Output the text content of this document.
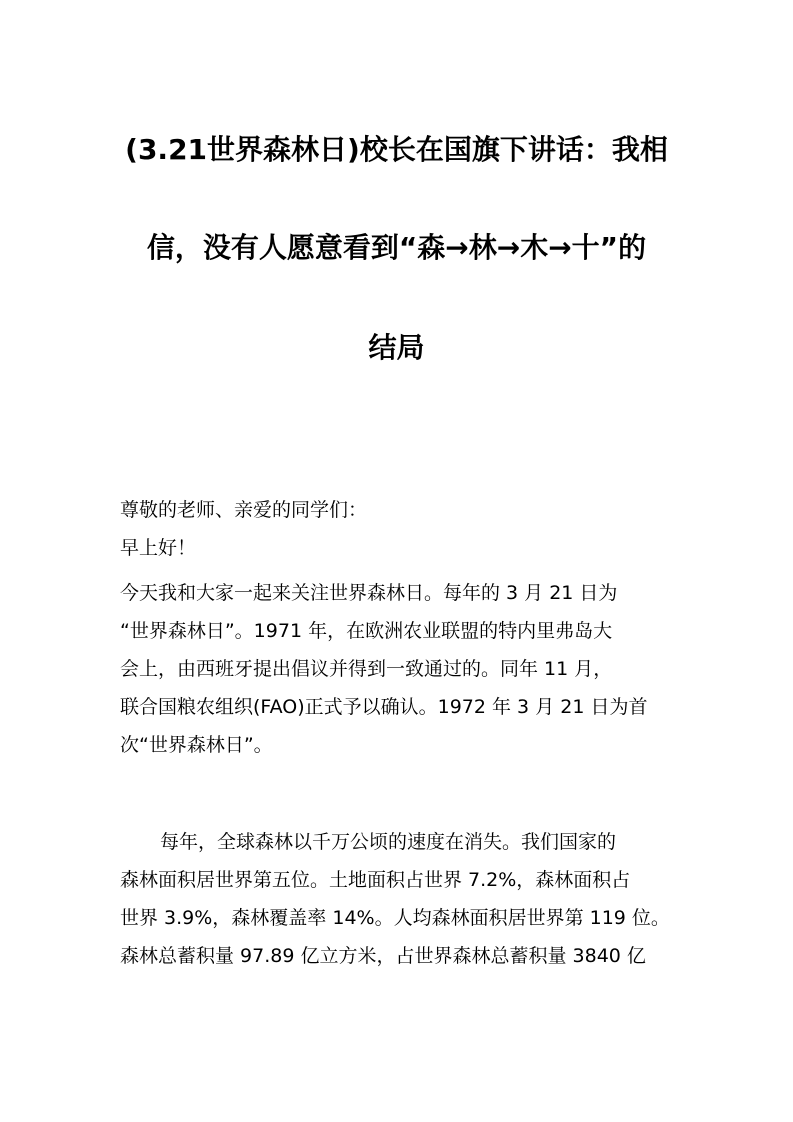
(3.21世界森林日)校长在国旗下讲话：我相
信，没有人愿意看到“森→林→木→十”的
结局
尊敬的老师、亲爱的同学们：
早上好！
今天我和大家一起来关注世界森林日。每年的 3 月 21 日为
“世界森林日”。1971 年，在欧洲农业联盟的特内里弗岛大
会上，由西班牙提出倡议并得到一致通过的。同年 11 月，
联合国粮农组织(FAO)正式予以确认。1972 年 3 月 21 日为首
次“世界森林日”。
每年，全球森林以千万公顷的速度在消失。我们国家的
森林面积居世界第五位。土地面积占世界 7.2%，森林面积占
世界 3.9%，森林覆盖率 14%。人均森林面积居世界第 119 位。
森林总蓄积量 97.89 亿立方米，占世界森林总蓄积量 3840 亿
